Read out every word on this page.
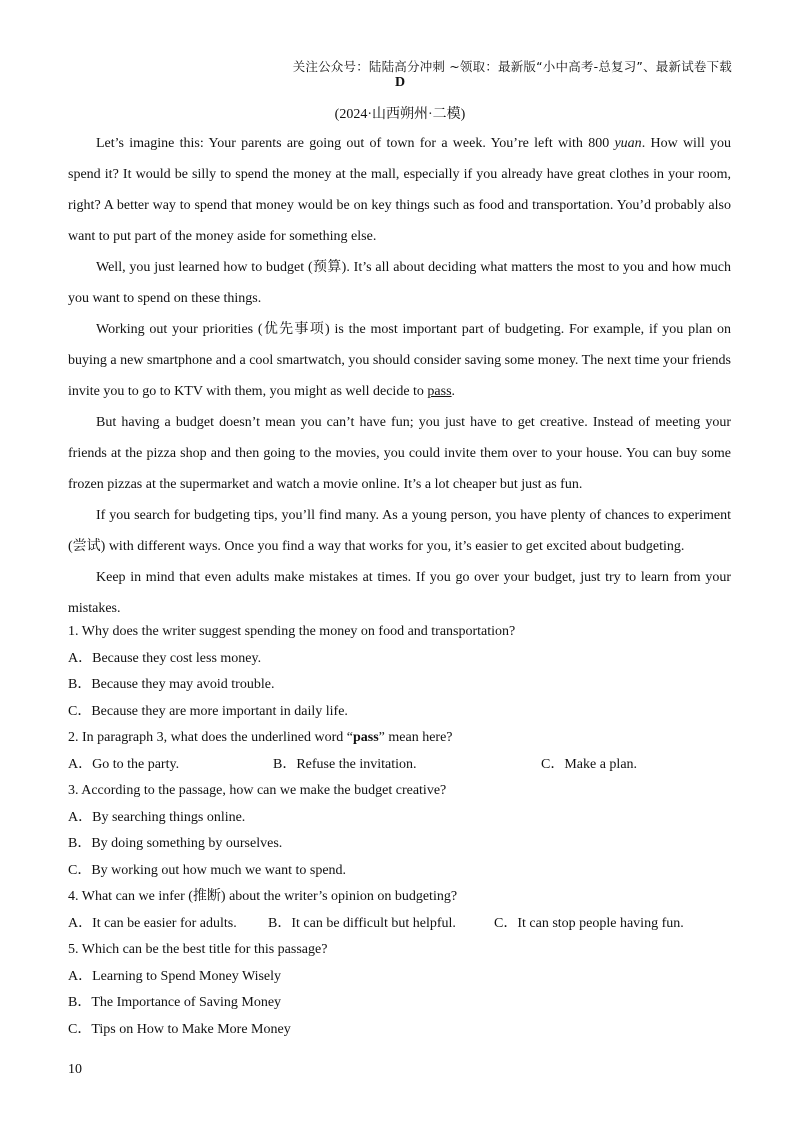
关注公众号：陆陆高分冲刺 ~领取：最新版“小中高考-总复习”、最新试卷下载
D
(2024·山西朔州·二模)

Let’s imagine this: Your parents are going out of town for a week. You’re left with 800 yuan. How will you spend it? It would be silly to spend the money at the mall, especially if you already have great clothes in your room, right? A better way to spend that money would be on key things such as food and transportation. You’d probably also want to put part of the money aside for something else.

Well, you just learned how to budget (预算). It’s all about deciding what matters the most to you and how much you want to spend on these things.

Working out your priorities (优先事项) is the most important part of budgeting. For example, if you plan on buying a new smartphone and a cool smartwatch, you should consider saving some money. The next time your friends invite you to go to KTV with them, you might as well decide to pass.

But having a budget doesn’t mean you can’t have fun; you just have to get creative. Instead of meeting your friends at the pizza shop and then going to the movies, you could invite them over to your house. You can buy some frozen pizzas at the supermarket and watch a movie online. It’s a lot cheaper but just as fun.

If you search for budgeting tips, you’ll find many. As a young person, you have plenty of chances to experiment (尝试) with different ways. Once you find a way that works for you, it’s easier to get excited about budgeting.

Keep in mind that even adults make mistakes at times. If you go over your budget, just try to learn from your mistakes.

1. Why does the writer suggest spending the money on food and transportation?

A．Because they cost less money.

B．Because they may avoid trouble.

C．Because they are more important in daily life.

2. In paragraph 3, what does the underlined word “pass” mean here?

A．Go to the party.	B．Refuse the invitation.	C．Make a plan.

3. According to the passage, how can we make the budget creative?

A．By searching things online.

B．By doing something by ourselves.

C．By working out how much we want to spend.

4. What can we infer (推断) about the writer’s opinion on budgeting?

A．It can be easier for adults.	B．It can be difficult but helpful.	C．It can stop people having fun.

5. Which can be the best title for this passage?

A．Learning to Spend Money Wisely

B．The Importance of Saving Money

C．Tips on How to Make More Money

10
